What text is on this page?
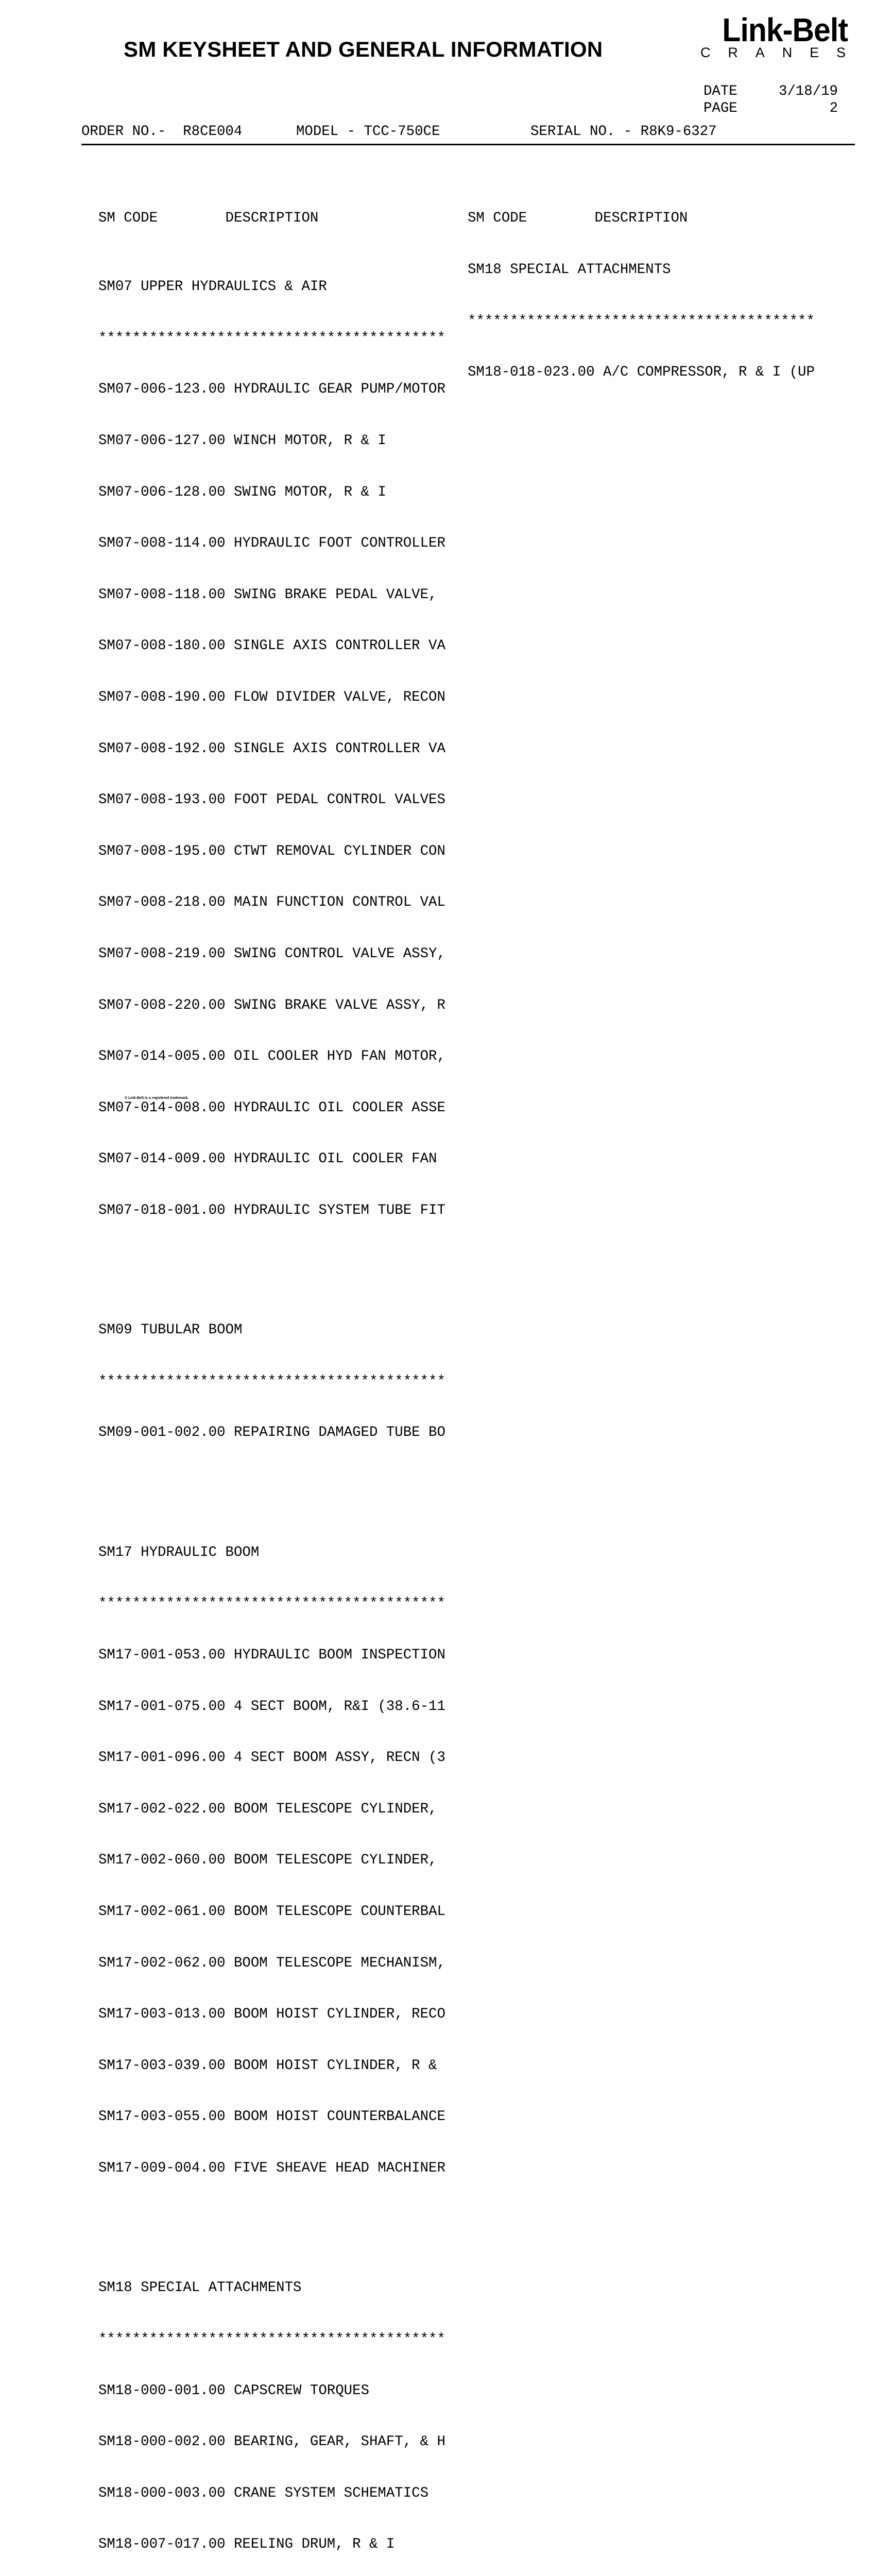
SM KEYSHEET AND GENERAL INFORMATION
Link-Belt
C R A N E S
DATE	3/18/19
PAGE	2
ORDER NO.-  R8CE004	MODEL - TCC-750CE	SERIAL NO. - R8K9-6327

SM CODE        DESCRIPTION

SM07 UPPER HYDRAULICS & AIR

*****************************************

SM07-006-123.00 HYDRAULIC GEAR PUMP/MOTOR

SM07-006-127.00 WINCH MOTOR, R & I

SM07-006-128.00 SWING MOTOR, R & I

SM07-008-114.00 HYDRAULIC FOOT CONTROLLER

SM07-008-118.00 SWING BRAKE PEDAL VALVE,

SM07-008-180.00 SINGLE AXIS CONTROLLER VA

SM07-008-190.00 FLOW DIVIDER VALVE, RECON

SM07-008-192.00 SINGLE AXIS CONTROLLER VA

SM07-008-193.00 FOOT PEDAL CONTROL VALVES

SM07-008-195.00 CTWT REMOVAL CYLINDER CON

SM07-008-218.00 MAIN FUNCTION CONTROL VAL

SM07-008-219.00 SWING CONTROL VALVE ASSY,

SM07-008-220.00 SWING BRAKE VALVE ASSY, R

SM07-014-005.00 OIL COOLER HYD FAN MOTOR,

SM07-014-008.00 HYDRAULIC OIL COOLER ASSE

SM07-014-009.00 HYDRAULIC OIL COOLER FAN

SM07-018-001.00 HYDRAULIC SYSTEM TUBE FIT

SM09 TUBULAR BOOM

*****************************************

SM09-001-002.00 REPAIRING DAMAGED TUBE BO

SM17 HYDRAULIC BOOM

*****************************************

SM17-001-053.00 HYDRAULIC BOOM INSPECTION

SM17-001-075.00 4 SECT BOOM, R&I (38.6-11

SM17-001-096.00 4 SECT BOOM ASSY, RECN (3

SM17-002-022.00 BOOM TELESCOPE CYLINDER,

SM17-002-060.00 BOOM TELESCOPE CYLINDER,

SM17-002-061.00 BOOM TELESCOPE COUNTERBAL

SM17-002-062.00 BOOM TELESCOPE MECHANISM,

SM17-003-013.00 BOOM HOIST CYLINDER, RECO

SM17-003-039.00 BOOM HOIST CYLINDER, R &

SM17-003-055.00 BOOM HOIST COUNTERBALANCE

SM17-009-004.00 FIVE SHEAVE HEAD MACHINER

SM18 SPECIAL ATTACHMENTS

*****************************************

SM18-000-001.00 CAPSCREW TORQUES

SM18-000-002.00 BEARING, GEAR, SHAFT, & H

SM18-000-003.00 CRANE SYSTEM SCHEMATICS

SM18-007-017.00 REELING DRUM, R & I

SM CODE        DESCRIPTION

SM18 SPECIAL ATTACHMENTS

*****************************************

SM18-018-023.00 A/C COMPRESSOR, R & I (UP

® Link-Belt is a registered trademark.
